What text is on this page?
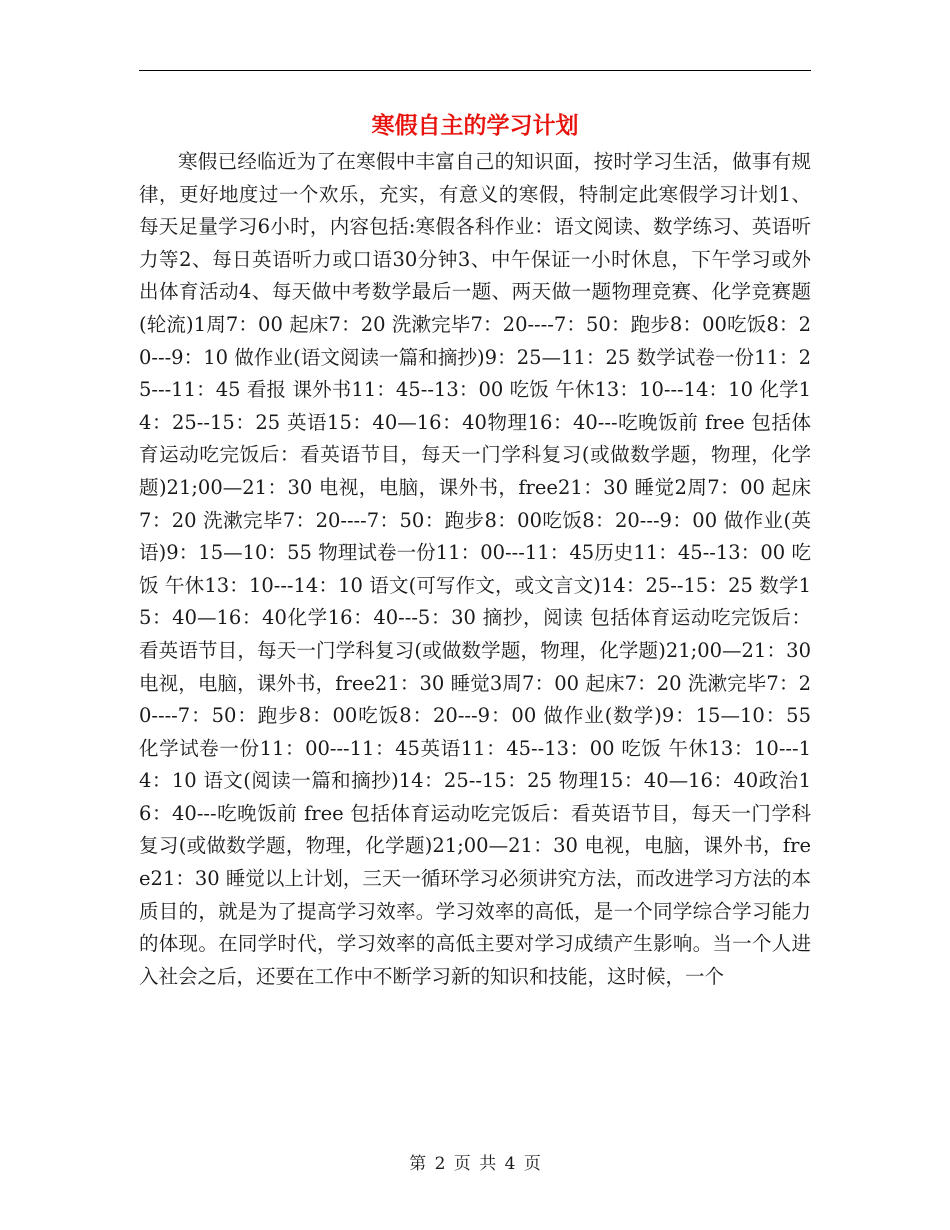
寒假自主的学习计划

寒假已经临近为了在寒假中丰富自己的知识面，按时学习生活，做事有规律，更好地度过一个欢乐，充实，有意义的寒假，特制定此寒假学习计划1、每天足量学习6小时，内容包括:寒假各科作业：语文阅读、数学练习、英语听力等2、每日英语听力或口语30分钟3、中午保证一小时休息，下午学习或外出体育活动4、每天做中考数学最后一题、两天做一题物理竞赛、化学竞赛题(轮流)1周7：00 起床7：20 洗漱完毕7：20----7：50：跑步8：00吃饭8：20---9：10 做作业(语文阅读一篇和摘抄)9：25—11：25 数学试卷一份11：25---11：45 看报 课外书11：45--13：00 吃饭 午休13：10---14：10 化学14：25--15：25 英语15：40—16：40物理16：40---吃晚饭前 free 包括体育运动吃完饭后：看英语节目，每天一门学科复习(或做数学题，物理，化学题)21;00—21：30 电视，电脑，课外书，free21：30 睡觉2周7：00 起床7：20 洗漱完毕7：20----7：50：跑步8：00吃饭8：20---9：00 做作业(英语)9：15—10：55 物理试卷一份11：00---11：45历史11：45--13：00 吃饭 午休13：10---14：10 语文(可写作文，或文言文)14：25--15：25 数学15：40—16：40化学16：40---5：30 摘抄，阅读 包括体育运动吃完饭后：看英语节目，每天一门学科复习(或做数学题，物理，化学题)21;00—21：30 电视，电脑，课外书，free21：30 睡觉3周7：00 起床7：20 洗漱完毕7：20----7：50：跑步8：00吃饭8：20---9：00 做作业(数学)9：15—10：55 化学试卷一份11：00---11：45英语11：45--13：00 吃饭 午休13：10---14：10 语文(阅读一篇和摘抄)14：25--15：25 物理15：40—16：40政治16：40---吃晚饭前 free 包括体育运动吃完饭后：看英语节目，每天一门学科复习(或做数学题，物理，化学题)21;00—21：30 电视，电脑，课外书，free21：30 睡觉以上计划，三天一循环学习必须讲究方法，而改进学习方法的本质目的，就是为了提高学习效率。学习效率的高低，是一个同学综合学习能力的体现。在同学时代，学习效率的高低主要对学习成绩产生影响。当一个人进入社会之后，还要在工作中不断学习新的知识和技能，这时候，一个

第 2 页 共 4 页
